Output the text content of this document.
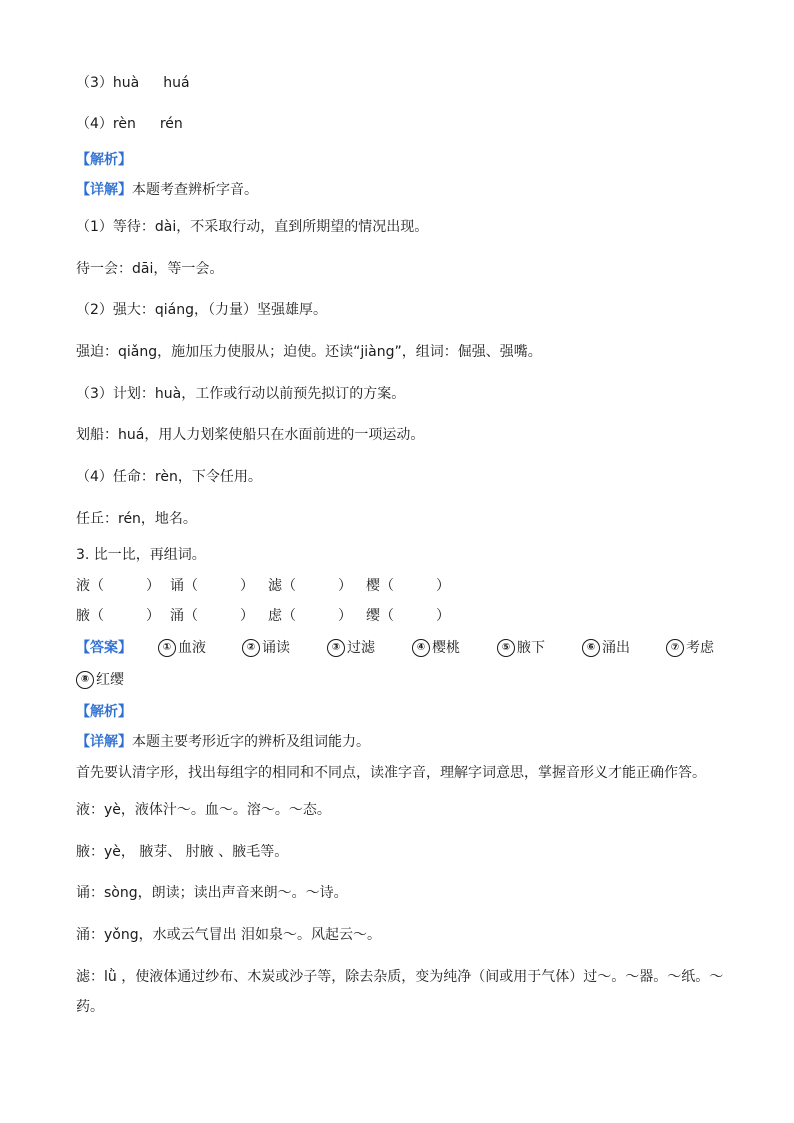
（3）huà huá
（4）rèn rén
【解析】
【详解】本题考查辨析字音。
（1）等待：dài，不采取行动，直到所期望的情况出现。
待一会：dāi，等一会。
（2）强大：qiáng，（力量）坚强雄厚。
强迫：qiǎng，施加压力使服从；迫使。还读“jiàng”，组词：倔强、强嘴。
（3）计划：huà，工作或行动以前预先拟订的方案。
划船：huá，用人力划桨使船只在水面前进的一项运动。
（4）任命：rèn，下令任用。
任丘：rén，地名。
3. 比一比，再组词。
液（　　　） 诵（　　　） 滤（　　　） 樱（　　　）
腋（　　　） 涌（　　　） 虑（　　　） 缨（　　　）
【答案】	① 血液	② 诵读	③ 过滤	④ 樱桃	⑤ 腋下	⑥ 涌出	⑦ 考虑
⑧ 红缨
【解析】
【详解】本题主要考形近字的辨析及组词能力。
首先要认清字形，找出每组字的相同和不同点，读准字音，理解字词意思，掌握音形义才能正确作答。
液：yè，液体汁～。血～。溶～。～态。
腋：yè， 腋芽、 肘腋 、腋毛等。
诵：sòng，朗读；读出声音来朗～。～诗。
涌：yǒng，水或云气冒出 泪如泉～。风起云～。
滤：lǜ ，使液体通过纱布、木炭或沙子等，除去杂质，变为纯净（间或用于气体）过～。～器。～纸。～药。
